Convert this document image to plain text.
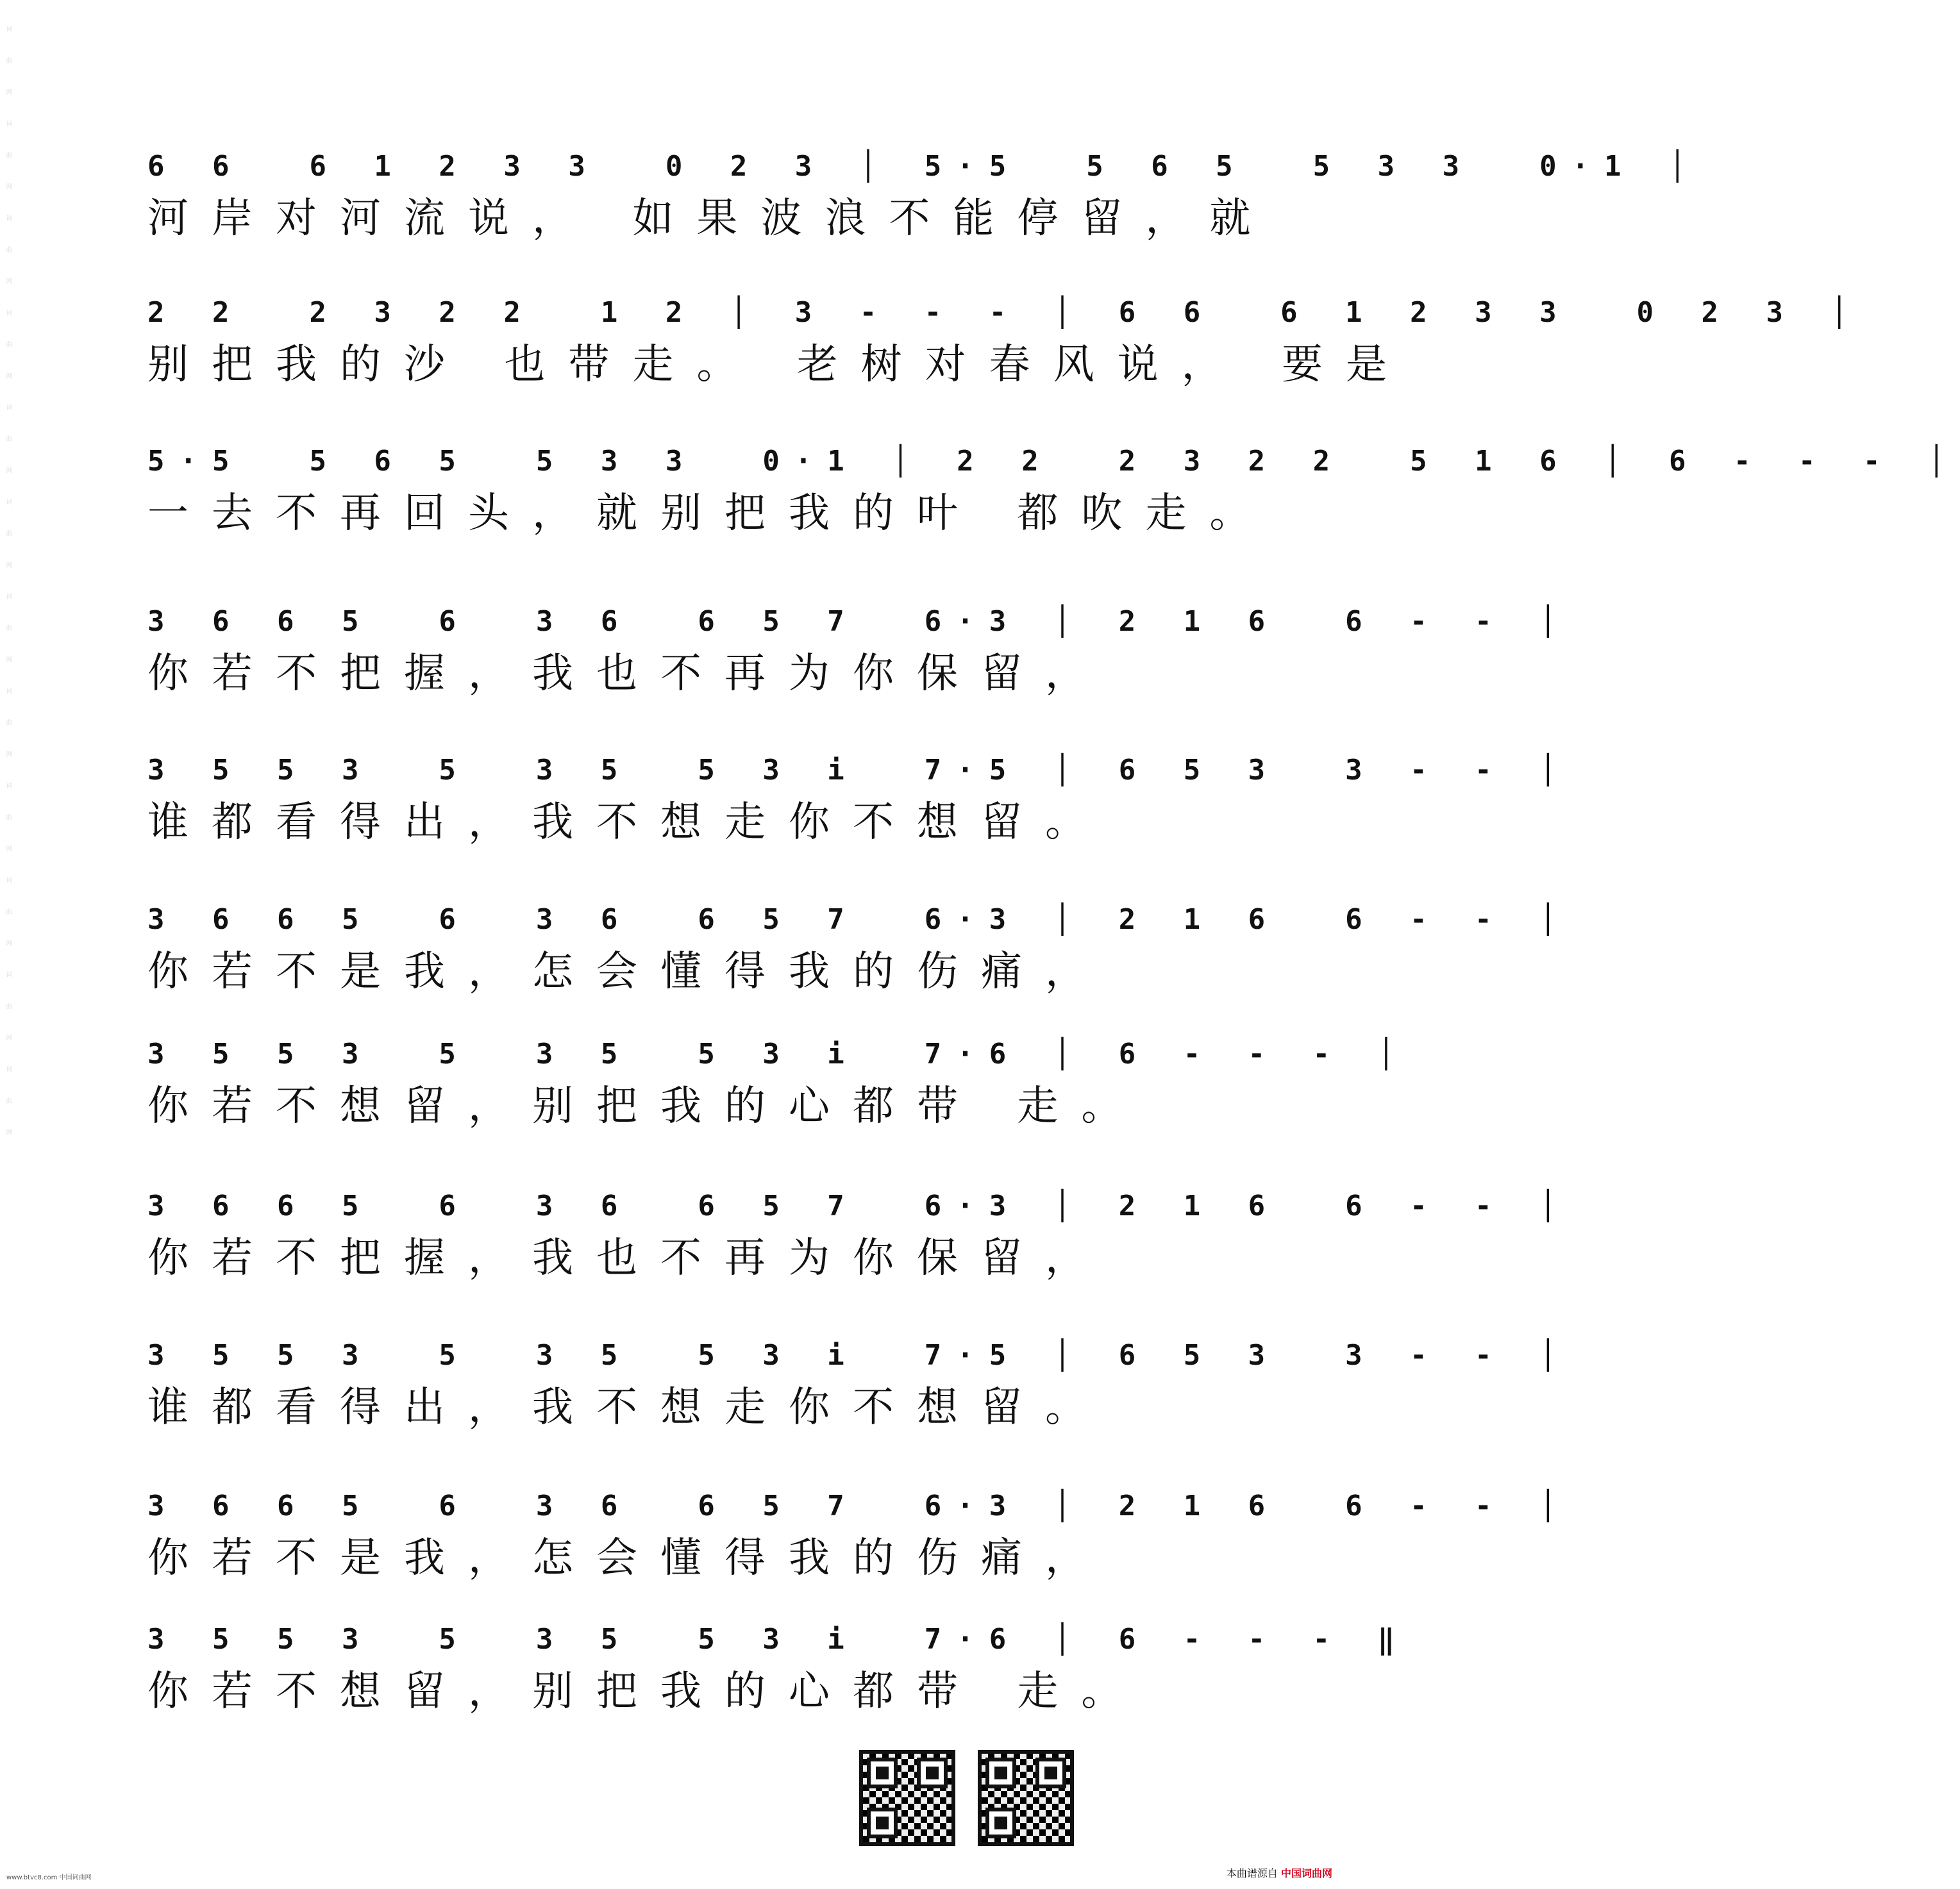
词 曲 网 词 曲 网 词 曲 网 词 曲 网 词 曲 网 词 曲 网 词 曲 网 词 曲 网 词 曲 网 词 曲 网 词 曲 网 词 曲 网	6 6  6 1 2 3 3  0 2 3 │ 5·5  5 6 5  5 3 3  0·1 │
河岸对河流说， 如果波浪不能停留，就
2 2  2 3 2 2  1 2 │ 3 - - - │ 6 6  6 1 2 3 3  0 2 3 │
别把我的沙 也带走。 老树对春风说， 要是
5·5  5 6 5  5 3 3  0·1 │ 2 2  2 3 2 2  5 1 6 │ 6 - - - │
一去不再回头，就别把我的叶 都吹走。
3 6 6 5  6  3 6  6 5 7  6·3 │ 2 1 6  6 - - │
你若不把握，我也不再为你保留，
3 5 5 3  5  3 5  5 3 i  7·5 │ 6 5 3  3 - - │
谁都看得出，我不想走你不想留。
3 6 6 5  6  3 6  6 5 7  6·3 │ 2 1 6  6 - - │
你若不是我，怎会懂得我的伤痛，
3 5 5 3  5  3 5  5 3 i  7·6 │ 6 - - - │
你若不想留，别把我的心都带 走。
3 6 6 5  6  3 6  6 5 7  6·3 │ 2 1 6  6 - - │
你若不把握，我也不再为你保留，
3 5 5 3  5  3 5  5 3 i  7·5 │ 6 5 3  3 - - │
谁都看得出，我不想走你不想留。
3 6 6 5  6  3 6  6 5 7  6·3 │ 2 1 6  6 - - │
你若不是我，怎会懂得我的伤痛，
3 5 5 3  5  3 5  5 3 i  7·6 │ 6 - - - ‖
你若不想留，别把我的心都带 走。
www.btvc8.com 中国词曲网	本曲谱源自 中国词曲网
